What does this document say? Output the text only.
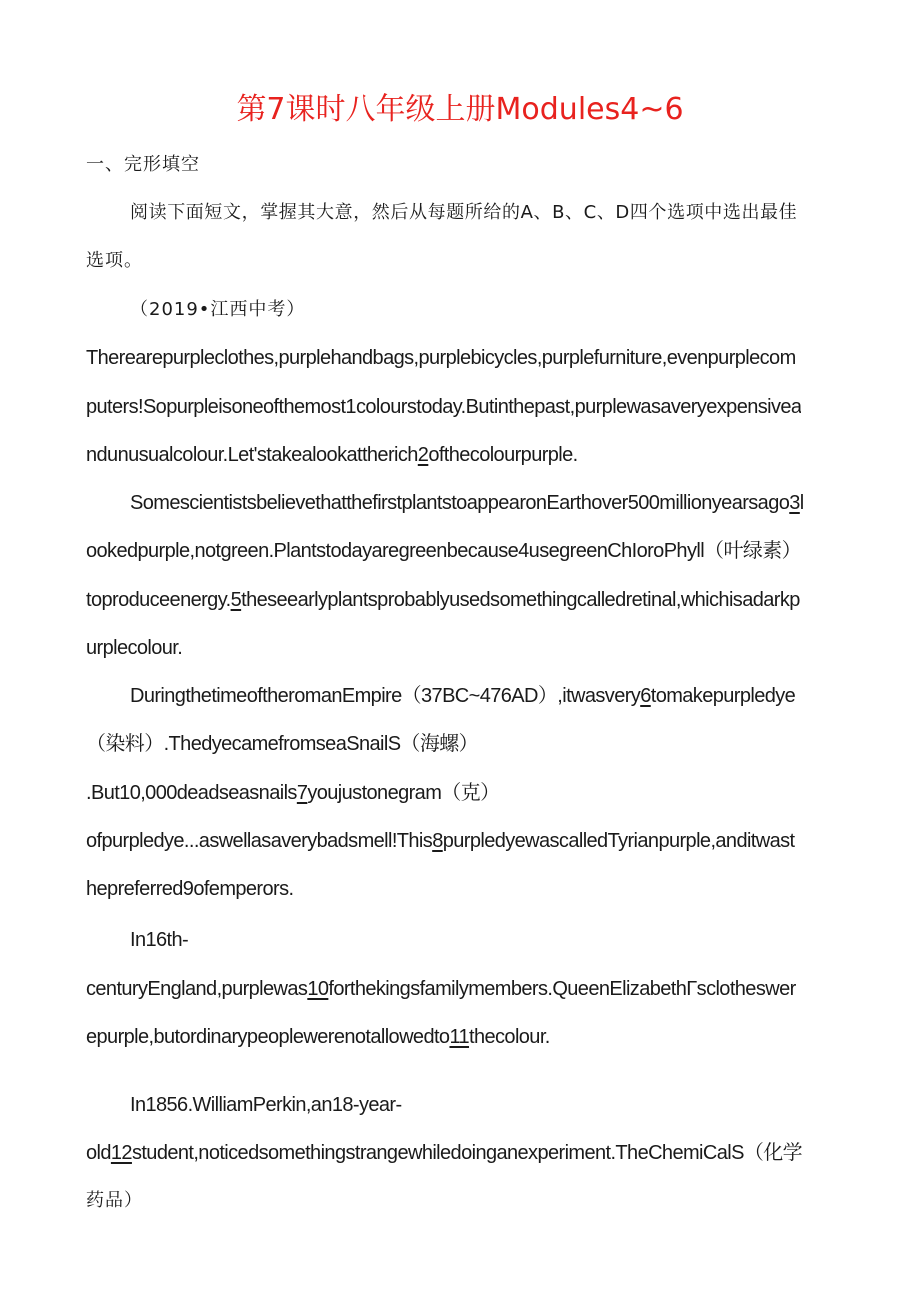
第7课时八年级上册Modules4~6
一、完形填空
阅读下面短文，掌握其大意，然后从每题所给的A、B、C、D四个选项中选出最佳
选项。
（2019•江西中考）
Therearepurpleclothes,purplehandbags,purplebicycles,purplefurniture,evenpurplecom
puters!Sopurpleisoneofthemost1colourstoday.Butinthepast,purplewasaveryexpensivea
ndunusualcolour.Let'stakealookattherich2ofthecolourpurple.
SomescientistsbelievethatthefirstplantstoappearonEarthover500millionyearsago3l
ookedpurple,notgreen.Plantstodayaregreenbecause4usegreenChIoroPhyll（叶绿素）
toproduceenergy.5theseearlyplantsprobablyusedsomethingcalledretinal,whichisadarkp
urplecolour.
DuringthetimeoftheromanEmpire（37BC~476AD）,itwasvery6tomakepurpledye
（染料）.ThedyecamefromseaSnailS（海螺）
.But10,000deadseasnails7youjustonegram（克）
ofpurpledye...aswellasaverybadsmell!This8purpledyewascalledTyrianpurple,anditwast
hepreferred9ofemperors.
In16th-
centuryEngland,purplewas10forthekingsfamilymembers.QueenElizabethΓsclotheswer
epurple,butordinarypeoplewerenotallowedto11thecolour.
In1856.WilliamPerkin,an18-year-
old12student,noticedsomethingstrangewhiledoinganexperiment.TheChemiCalS（化学
药品）
